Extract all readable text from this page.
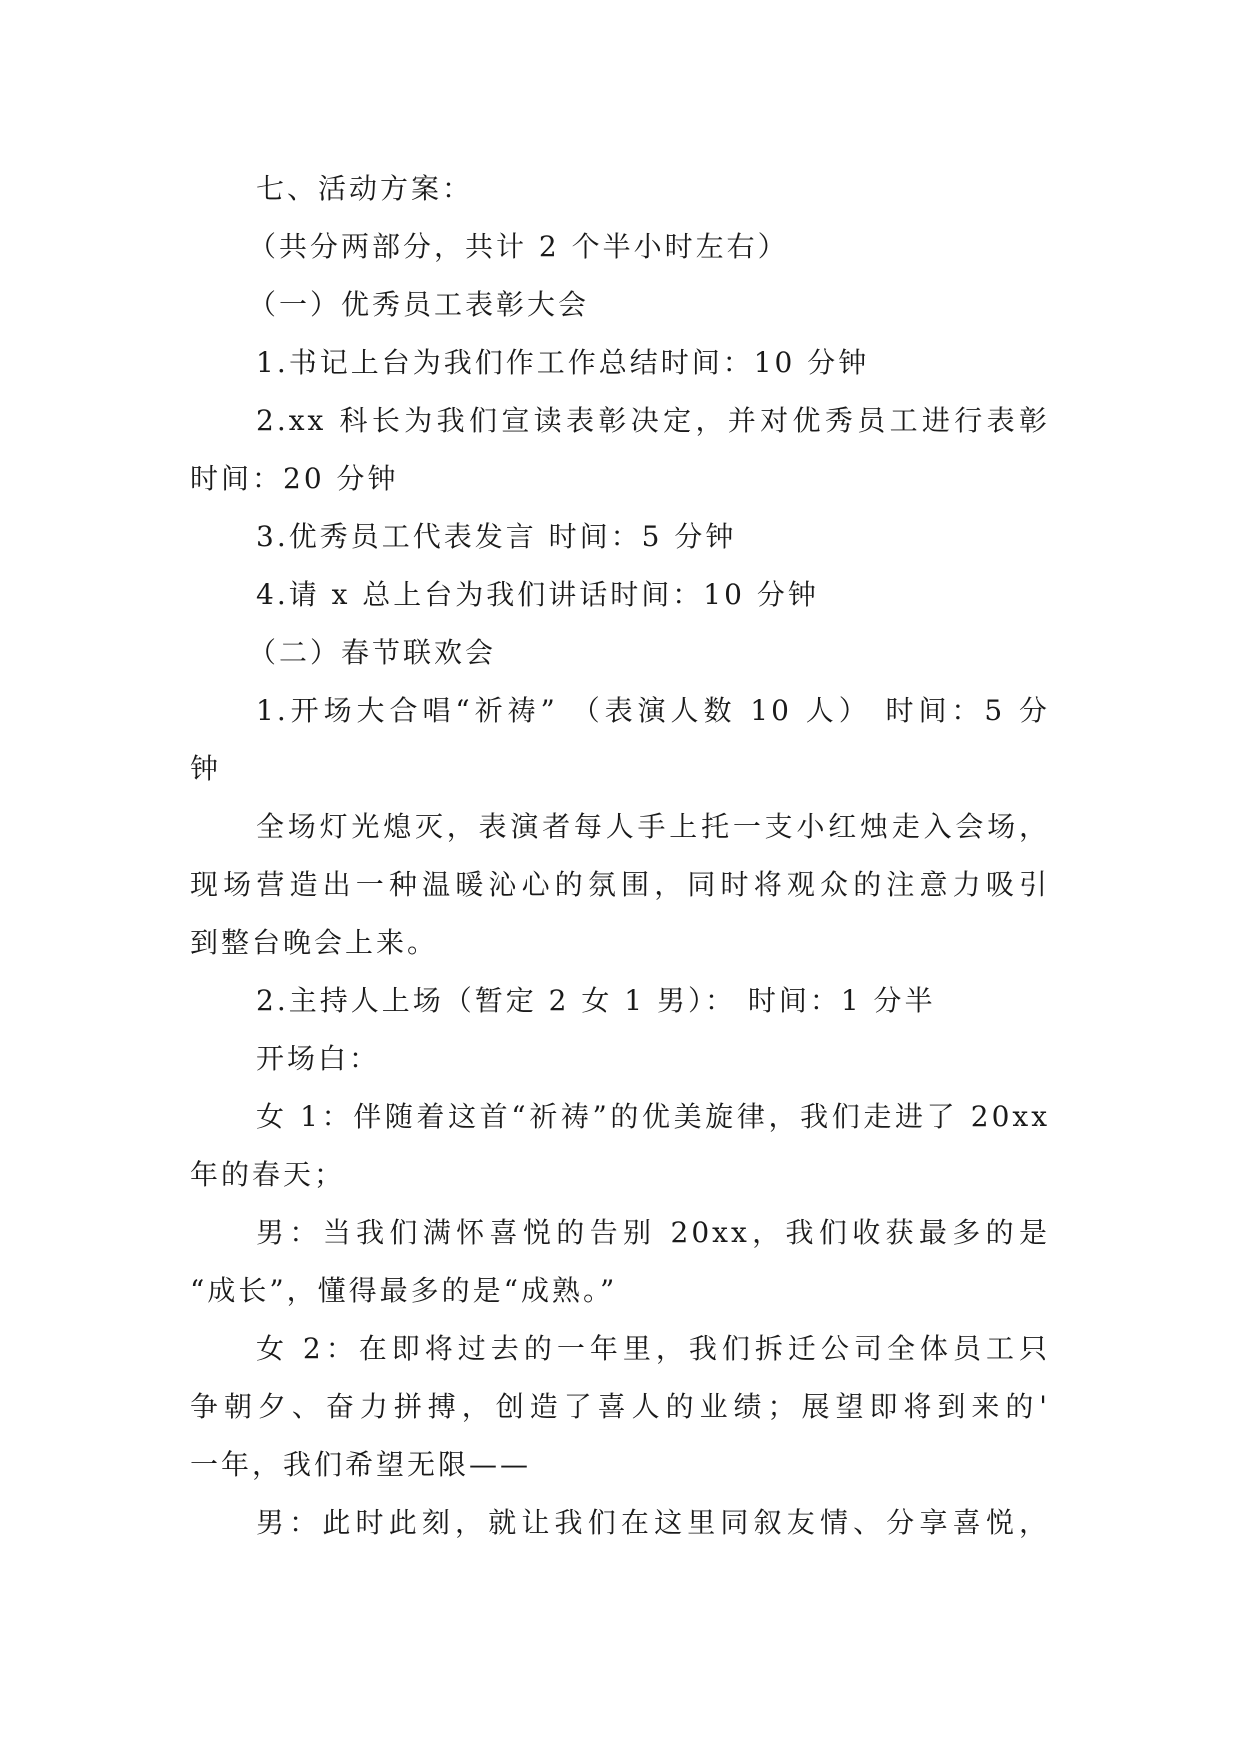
七、活动方案：
（共分两部分，共计 2 个半小时左右）
（一）优秀员工表彰大会
1.书记上台为我们作工作总结时间：10 分钟
2.xx 科长为我们宣读表彰决定，并对优秀员工进行表彰
时间：20 分钟
3.优秀员工代表发言 时间：5 分钟
4.请 x 总上台为我们讲话时间：10 分钟
（二）春节联欢会
1.开场大合唱“祈祷” （表演人数 10 人） 时间：5 分
钟
全场灯光熄灭，表演者每人手上托一支小红烛走入会场，
现场营造出一种温暖沁心的氛围，同时将观众的注意力吸引
到整台晚会上来。
2.主持人上场（暂定 2 女 1 男）： 时间：1 分半
开场白：
女 1：伴随着这首“祈祷”的优美旋律，我们走进了 20xx
年的春天；
男：当我们满怀喜悦的告别 20xx，我们收获最多的是
“成长”，懂得最多的是“成熟。”
女 2：在即将过去的一年里，我们拆迁公司全体员工只
争朝夕、奋力拼搏，创造了喜人的业绩；展望即将到来的'
一年，我们希望无限——
男：此时此刻，就让我们在这里同叙友情、分享喜悦，
